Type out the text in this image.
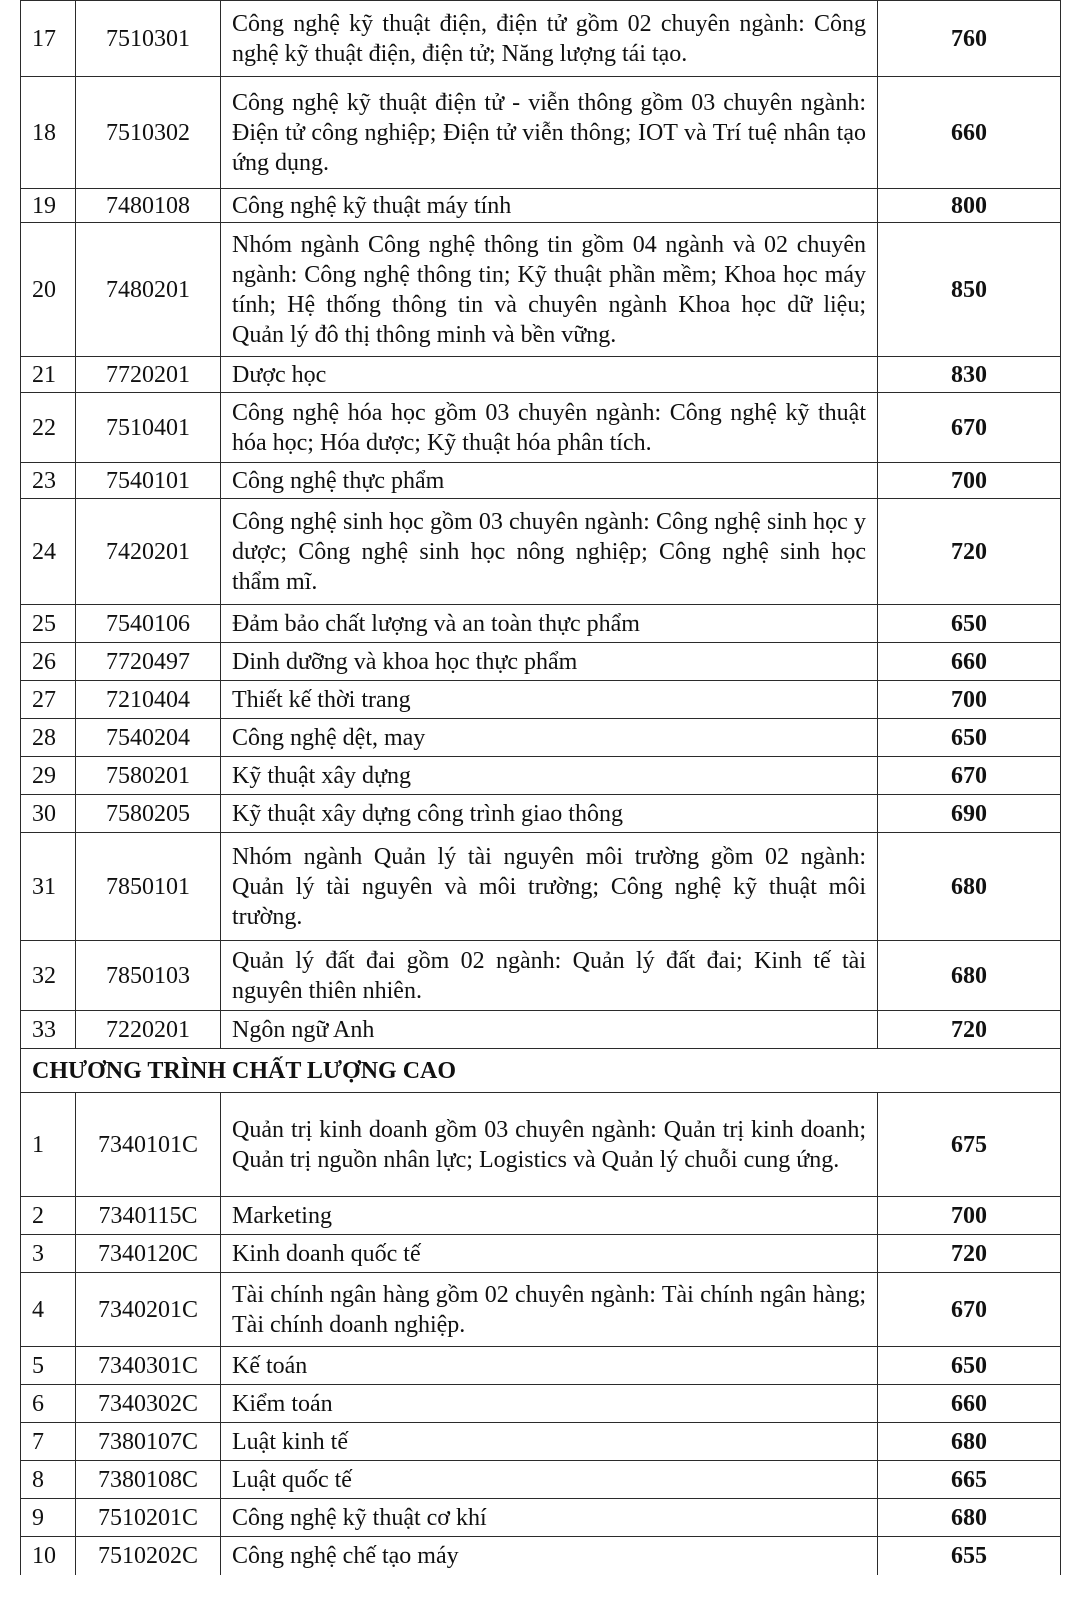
17	7510301	Công nghệ kỹ thuật điện, điện tử gồm 02 chuyên ngành: Công nghệ kỹ thuật điện, điện tử; Năng lượng tái tạo.	760
18	7510302	Công nghệ kỹ thuật điện tử - viễn thông gồm 03 chuyên ngành: Điện tử công nghiệp; Điện tử viễn thông; IOT và Trí tuệ nhân tạo ứng dụng.	660
19	7480108	Công nghệ kỹ thuật máy tính	800
20	7480201	Nhóm ngành Công nghệ thông tin gồm 04 ngành và 02 chuyên ngành: Công nghệ thông tin; Kỹ thuật phần mềm; Khoa học máy tính; Hệ thống thông tin và chuyên ngành Khoa học dữ liệu; Quản lý đô thị thông minh và bền vững.	850
21	7720201	Dược học	830
22	7510401	Công nghệ hóa học gồm 03 chuyên ngành: Công nghệ kỹ thuật hóa học; Hóa dược; Kỹ thuật hóa phân tích.	670
23	7540101	Công nghệ thực phẩm	700
24	7420201	Công nghệ sinh học gồm 03 chuyên ngành: Công nghệ sinh học y dược; Công nghệ sinh học nông nghiệp; Công nghệ sinh học thẩm mĩ.	720
25	7540106	Đảm bảo chất lượng và an toàn thực phẩm	650
26	7720497	Dinh dưỡng và khoa học thực phẩm	660
27	7210404	Thiết kế thời trang	700
28	7540204	Công nghệ dệt, may	650
29	7580201	Kỹ thuật xây dựng	670
30	7580205	Kỹ thuật xây dựng công trình giao thông	690
31	7850101	Nhóm ngành Quản lý tài nguyên môi trường gồm 02 ngành: Quản lý tài nguyên và môi trường; Công nghệ kỹ thuật môi trường.	680
32	7850103	Quản lý đất đai gồm 02 ngành: Quản lý đất đai; Kinh tế tài nguyên thiên nhiên.	680
33	7220201	Ngôn ngữ Anh	720
CHƯƠNG TRÌNH CHẤT LƯỢNG CAO			
1	7340101C	Quản trị kinh doanh gồm 03 chuyên ngành: Quản trị kinh doanh; Quản trị nguồn nhân lực; Logistics và Quản lý chuỗi cung ứng.	675
2	7340115C	Marketing	700
3	7340120C	Kinh doanh quốc tế	720
4	7340201C	Tài chính ngân hàng gồm 02 chuyên ngành: Tài chính ngân hàng; Tài chính doanh nghiệp.	670
5	7340301C	Kế toán	650
6	7340302C	Kiểm toán	660
7	7380107C	Luật kinh tế	680
8	7380108C	Luật quốc tế	665
9	7510201C	Công nghệ kỹ thuật cơ khí	680
10	7510202C	Công nghệ chế tạo máy	655
